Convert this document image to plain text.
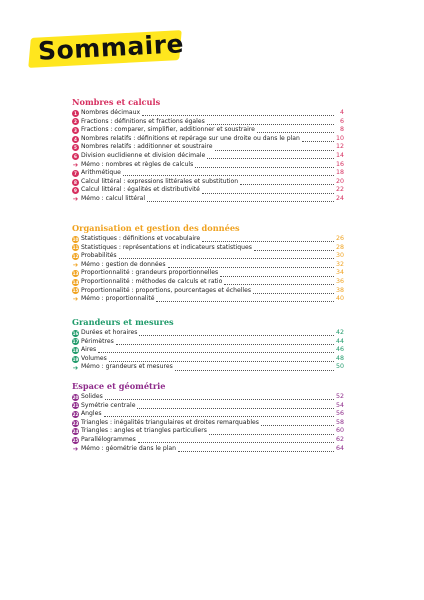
Sommaire
Nombres et calculs
1 Nombres décimaux	4
2 Fractions : définitions et fractions égales	6
3 Fractions : comparer, simplifier, additionner et soustraire	8
4 Nombres relatifs : définitions et repérage sur une droite ou dans le plan	10
5 Nombres relatifs : additionner et soustraire	12
6 Division euclidienne et division décimale	14
➔ Mémo : nombres et règles de calculs	16
7 Arithmétique	18
8 Calcul littéral : expressions littérales et substitution	20
9 Calcul littéral : égalités et distributivité	22
➔ Mémo : calcul littéral	24
Organisation et gestion des données
10 Statistiques : définitions et vocabulaire	26
11 Statistiques : représentations et indicateurs statistiques	28
12 Probabilités	30
➔ Mémo : gestion de données	32
13 Proportionnalité : grandeurs proportionnelles	34
14 Proportionnalité : méthodes de calculs et ratio	36
15 Proportionnalité : proportions, pourcentages et échelles	38
➔ Mémo : proportionnalité	40
Grandeurs et mesures
16 Durées et horaires	42
17 Périmètres	44
18 Aires	46
19 Volumes	48
➔ Mémo : grandeurs et mesures	50
Espace et géométrie
20 Solides	52
21 Symétrie centrale	54
22 Angles	56
23 Triangles : inégalités triangulaires et droites remarquables	58
24 Triangles : angles et triangles particuliers	60
25 Parallélogrammes	62
➔ Mémo : géométrie dans le plan	64
